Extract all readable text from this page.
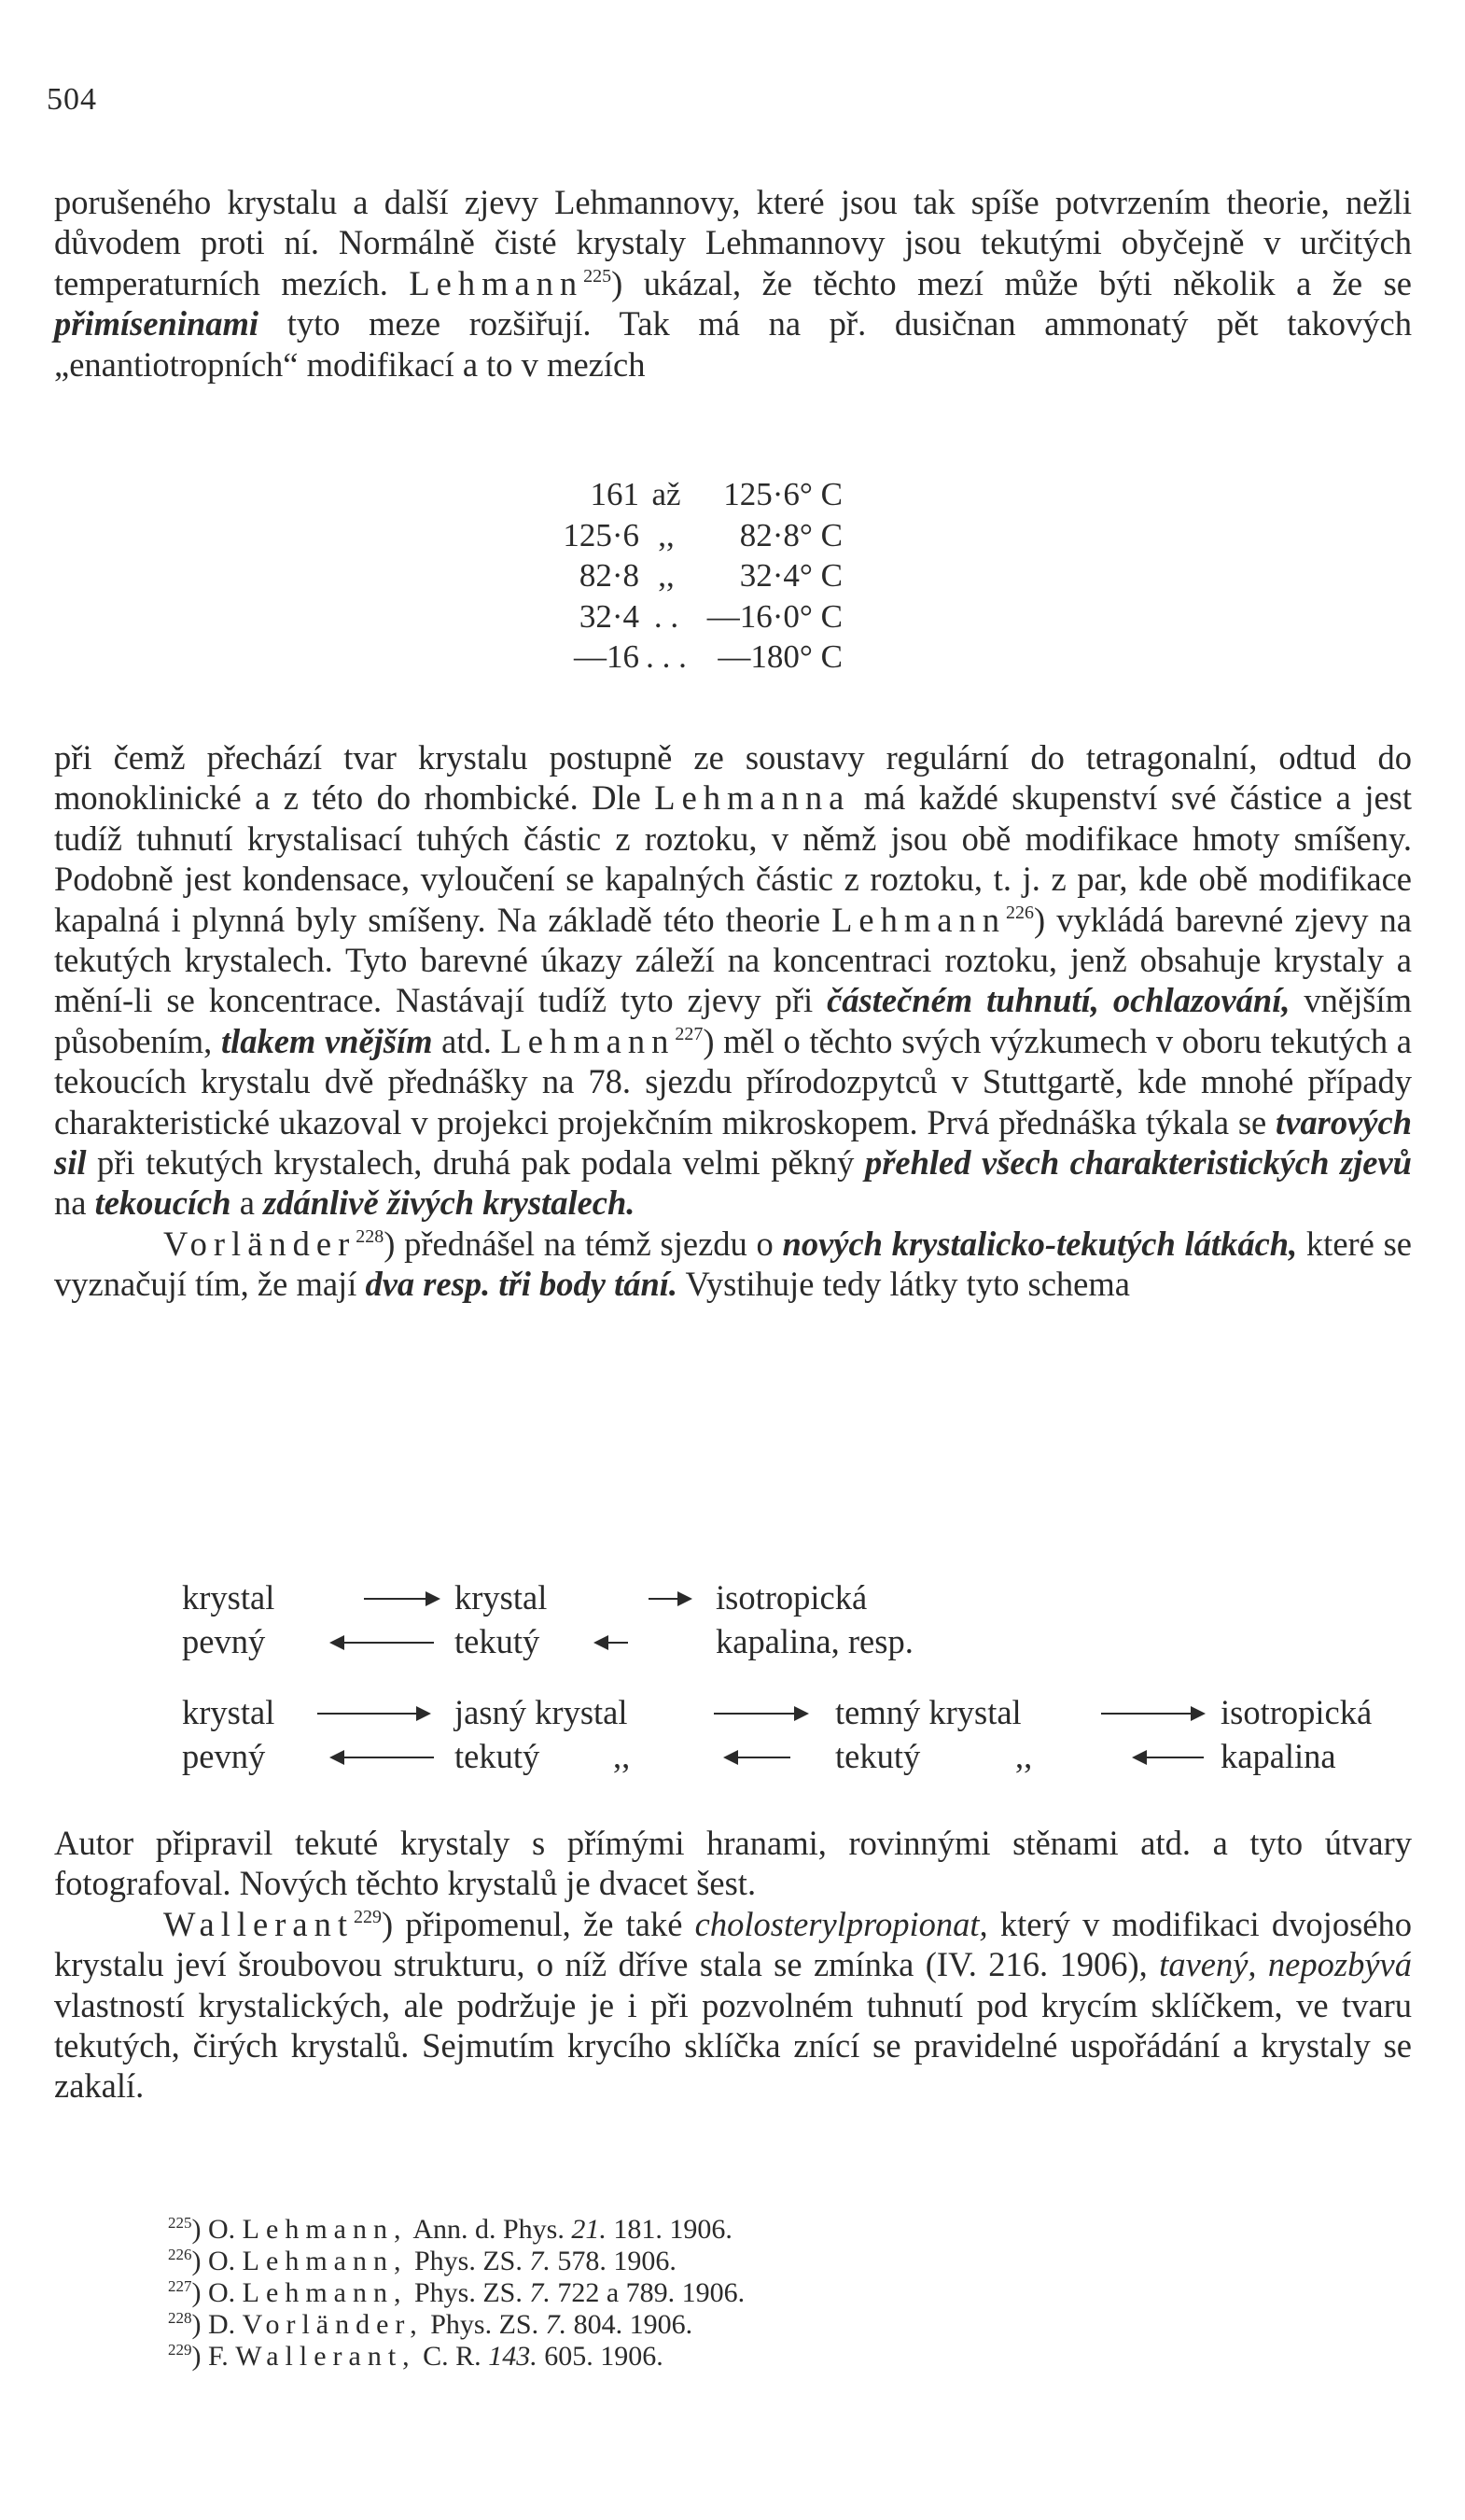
504

porušeného krystalu a další zjevy Lehmannovy, které jsou tak spíše potvrzením theorie, nežli důvodem proti ní. Normálně čisté krystaly Lehmannovy jsou tekutými obyčejně v určitých temperaturních mezích. Lehmann$^{225}$) ukázal, že těchto mezí může býti několik a že se přimíseninami tyto meze rozšiřují. Tak má na př. dusičnan ammonatý pět takových „enantiotropních“ modifikací a to v mezích

161 až	125·6° C
125·6 ,,	82·8° C
82·8 ,,	32·4° C
32·4 . . —16·0° C
—16 . . . —180° C

při čemž přechází tvar krystalu postupně ze soustavy regulární do tetragonalní, odtud do monoklinické a z této do rhombické. Dle Lehmanna má každé skupenství své částice a jest tudíž tuhnutí krystalisací tuhých částic z roztoku, v němž jsou obě modifikace hmoty smíšeny. Podobně jest kondensace, vyloučení se kapalných částic z roztoku, t. j. z par, kde obě modifikace kapalná i plynná byly smíšeny. Na základě této theorie Lehmann$^{226}$) vykládá barevné zjevy na tekutých krystalech. Tyto barevné úkazy záleží na koncentraci roztoku, jenž obsahuje krystaly a mění-li se koncentrace. Nastávají tudíž tyto zjevy při částečném tuhnutí, ochlazování, vnějším působením, tlakem vnějším atd. Lehmann$^{227}$) měl o těchto svých výzkumech v oboru tekutých a tekoucích krystalu dvě přednášky na 78. sjezdu přírodozpytců v Stuttgartě, kde mnohé případy charakteristické ukazoval v projekci projekčním mikroskopem. Prvá přednáška týkala se tvarových sil při tekutých krystalech, druhá pak podala velmi pěkný přehled všech charakteristických zjevů na tekoucích a zdánlivě živých krystalech.

Vorländer$^{228}$) přednášel na témž sjezdu o nových krystalicko-tekutých látkách, které se vyznačují tím, že mají dva resp. tři body tání. Vystihuje tedy látky tyto schema

krystal	krystal	isotropická
pevný	tekutý	kapalina, resp.
krystal	jasný krystal	temný krystal	isotropická
pevný	tekutý ,,	tekutý	,,	kapalina

Autor připravil tekuté krystaly s přímými hranami, rovinnými stěnami atd. a tyto útvary fotografoval. Nových těchto krystalů je dvacet šest.

Wallerant$^{229}$) připomenul, že také cholosterylpropionat, který v modifikaci dvojosého krystalu jeví šroubovou strukturu, o níž dříve stala se zmínka (IV. 216. 1906), tavený, nepozbývá vlastností krystalických, ale podržuje je i při pozvolném tuhnutí pod krycím sklíčkem, ve tvaru tekutých, čirých krystalů. Sejmutím krycího sklíčka znící se pravidelné uspořádání a krystaly se zakalí.

$^{225}$) O. Lehmann, Ann. d. Phys. 21. 181. 1906.
$^{226}$) O. Lehmann, Phys. ZS. 7. 578. 1906.
$^{227}$) O. Lehmann, Phys. ZS. 7. 722 a 789. 1906.
$^{228}$) D. Vorländer, Phys. ZS. 7. 804. 1906.
$^{229}$) F. Wallerant, C. R. 143. 605. 1906.
